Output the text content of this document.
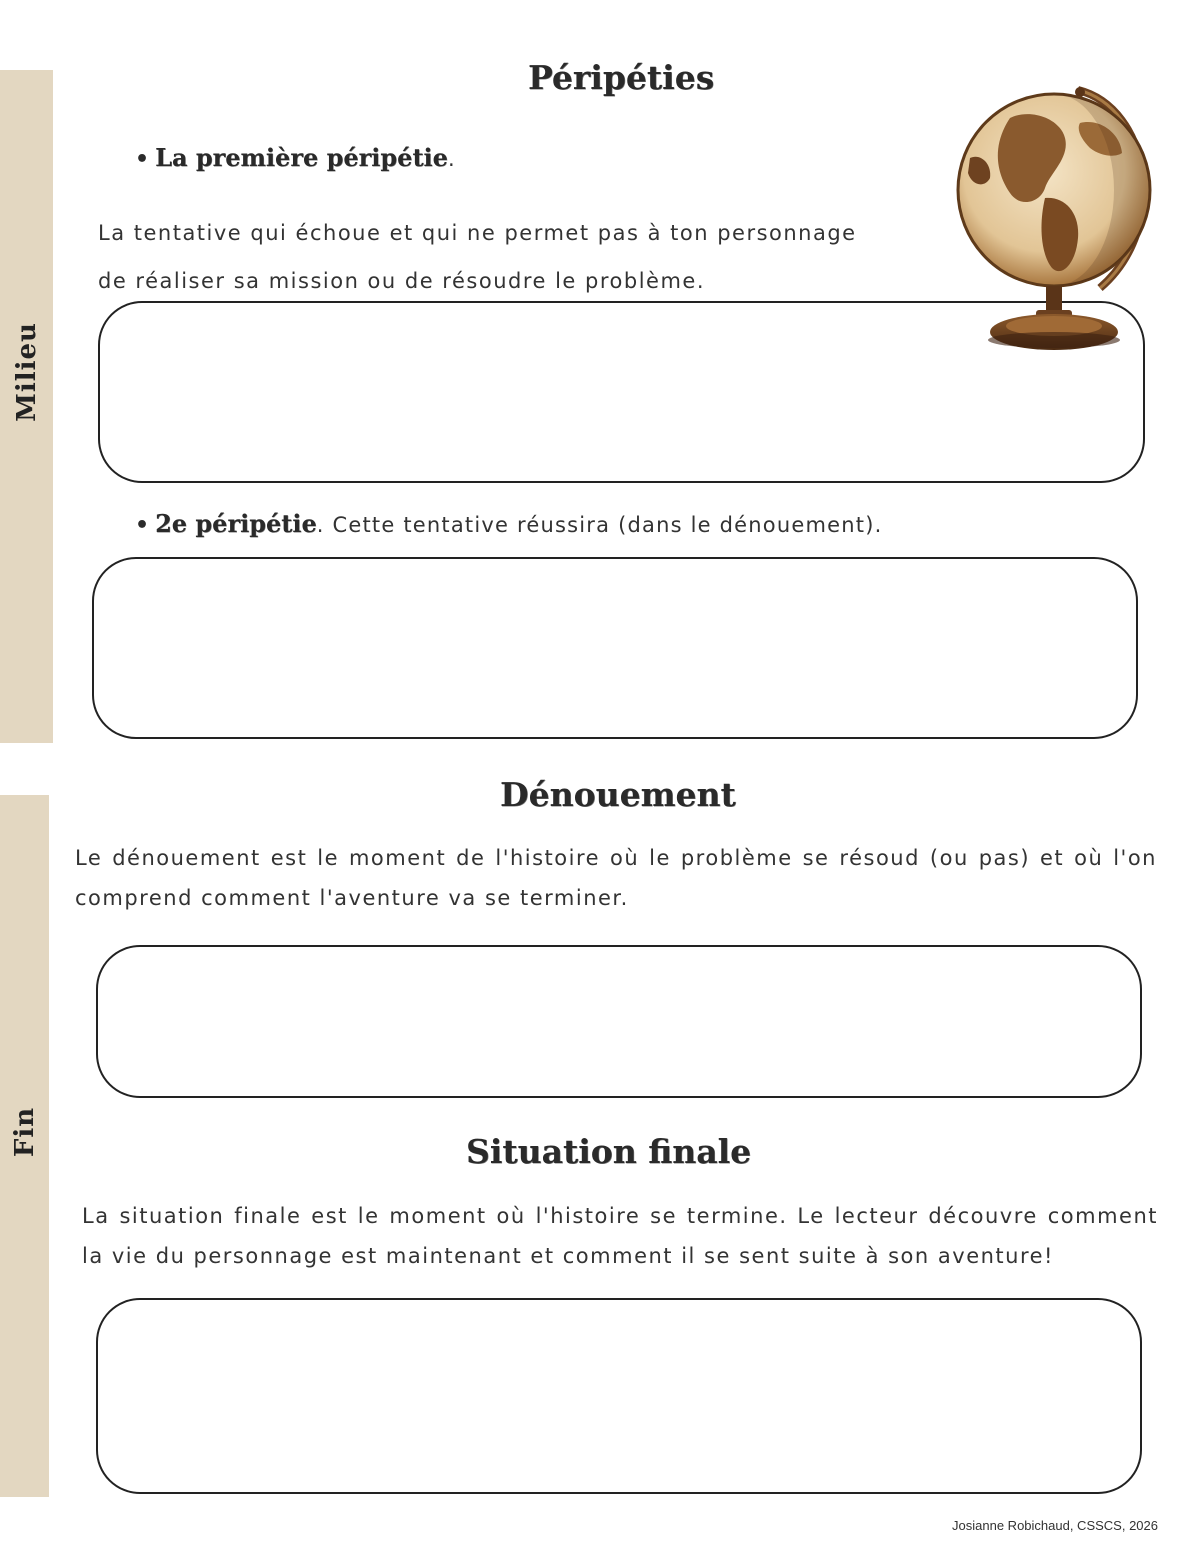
Milieu
Fin
Péripéties
• La première péripétie.

La tentative qui échoue et qui ne permet pas à ton personnage
de réaliser sa mission ou de résoudre le problème.

• 2e péripétie. Cette tentative réussira (dans le dénouement).
Dénouement

Le dénouement est le moment de l'histoire où le problème se résoud (ou pas) et où l'on comprend comment l'aventure va se terminer.

Situation finale

La situation finale est le moment où l'histoire se termine. Le lecteur découvre comment la vie du personnage est maintenant et comment il se sent suite à son aventure!

Josianne Robichaud, CSSCS, 2026
